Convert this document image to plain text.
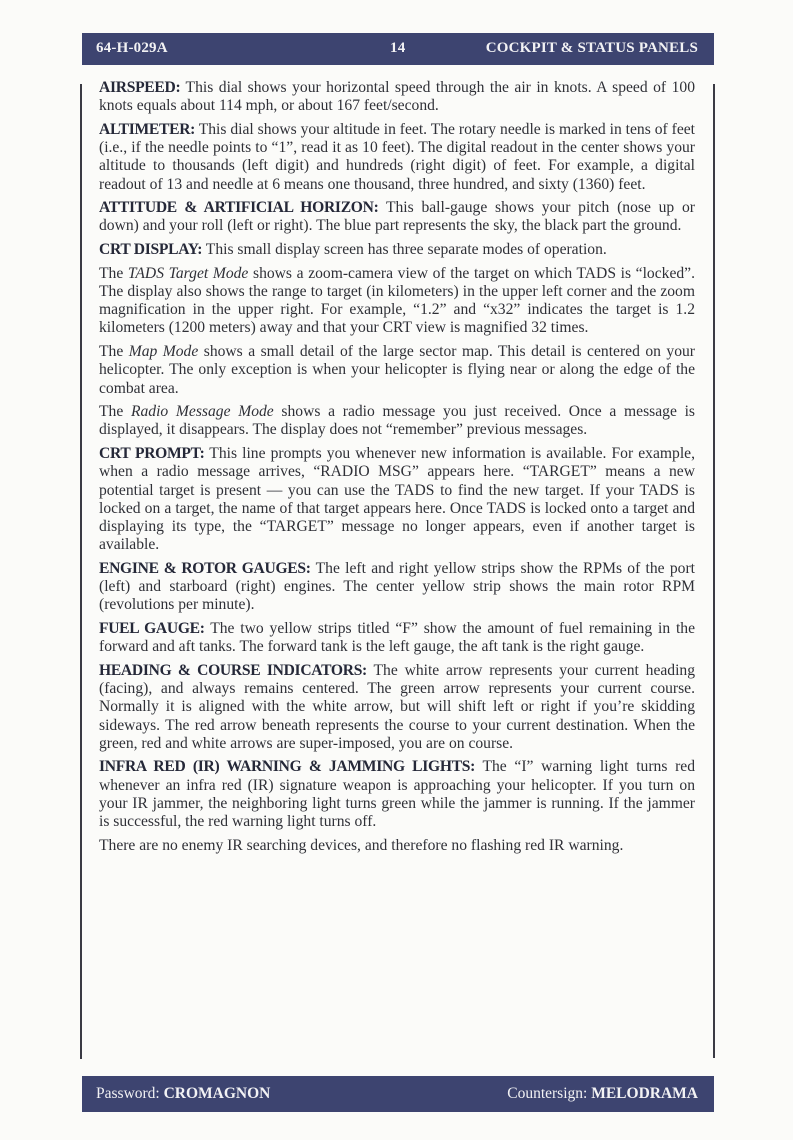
64-H-029A	14	COCKPIT & STATUS PANELS

AIRSPEED: This dial shows your horizontal speed through the air in knots. A speed of 100 knots equals about 114 mph, or about 167 feet/second.

ALTIMETER: This dial shows your altitude in feet. The rotary needle is marked in tens of feet (i.e., if the needle points to “1”, read it as 10 feet). The digital readout in the center shows your altitude to thousands (left digit) and hundreds (right digit) of feet. For example, a digital readout of 13 and needle at 6 means one thousand, three hundred, and sixty (1360) feet.

ATTITUDE & ARTIFICIAL HORIZON: This ball-gauge shows your pitch (nose up or down) and your roll (left or right). The blue part represents the sky, the black part the ground.

CRT DISPLAY: This small display screen has three separate modes of operation.

The TADS Target Mode shows a zoom-camera view of the target on which TADS is “locked”. The display also shows the range to target (in kilometers) in the upper left corner and the zoom magnification in the upper right. For example, “1.2” and “x32” indicates the target is 1.2 kilometers (1200 meters) away and that your CRT view is magnified 32 times.

The Map Mode shows a small detail of the large sector map. This detail is centered on your helicopter. The only exception is when your helicopter is flying near or along the edge of the combat area.

The Radio Message Mode shows a radio message you just received. Once a message is displayed, it disappears. The display does not “remember” previous messages.

CRT PROMPT: This line prompts you whenever new information is available. For example, when a radio message arrives, “RADIO MSG” appears here. “TARGET” means a new potential target is present — you can use the TADS to find the new target. If your TADS is locked on a target, the name of that target appears here. Once TADS is locked onto a target and displaying its type, the “TARGET” message no longer appears, even if another target is available.

ENGINE & ROTOR GAUGES: The left and right yellow strips show the RPMs of the port (left) and starboard (right) engines. The center yellow strip shows the main rotor RPM (revolutions per minute).

FUEL GAUGE: The two yellow strips titled “F” show the amount of fuel remaining in the forward and aft tanks. The forward tank is the left gauge, the aft tank is the right gauge.

HEADING & COURSE INDICATORS: The white arrow represents your current heading (facing), and always remains centered. The green arrow represents your current course. Normally it is aligned with the white arrow, but will shift left or right if you’re skidding sideways. The red arrow beneath represents the course to your current destination. When the green, red and white arrows are super-imposed, you are on course.

INFRA RED (IR) WARNING & JAMMING LIGHTS: The “I” warning light turns red whenever an infra red (IR) signature weapon is approaching your helicopter. If you turn on your IR jammer, the neighboring light turns green while the jammer is running. If the jammer is successful, the red warning light turns off.

There are no enemy IR searching devices, and therefore no flashing red IR warning.

Password: CROMAGNON	Countersign: MELODRAMA
